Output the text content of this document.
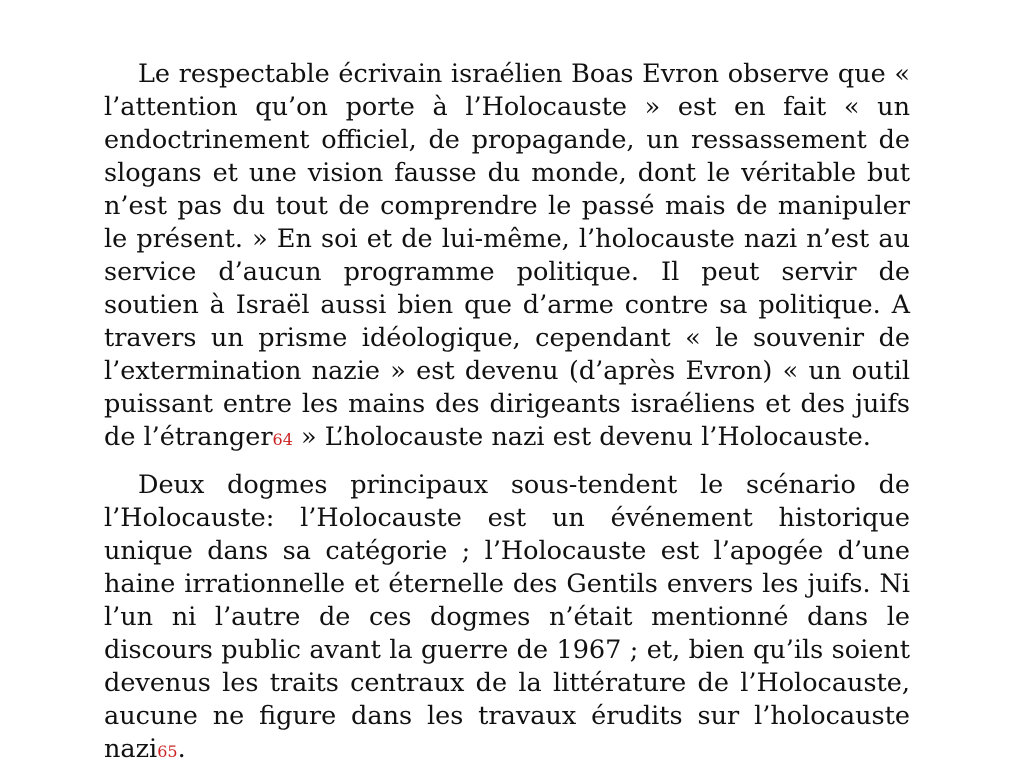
Le respectable écrivain israélien Boas Evron observe que « l’attention qu’on porte à l’Holocauste » est en fait « un endoctrinement officiel, de propagande, un ressassement de slogans et une vision fausse du monde, dont le véritable but n’est pas du tout de comprendre le passé mais de manipuler le présent. » En soi et de lui-même, l’holocauste nazi n’est au service d’aucun programme politique. Il peut servir de soutien à Israël aussi bien que d’arme contre sa politique. A travers un prisme idéologique, cependant « le souvenir de l’extermination nazie » est devenu (d’après Evron) « un outil puissant entre les mains des dirigeants israéliens et des juifs de l’étranger64 » L’holocauste nazi est devenu l’Holocauste.

Deux dogmes principaux sous-tendent le scénario de l’Holocauste: l’Holocauste est un événement historique unique dans sa catégorie ; l’Holocauste est l’apogée d’une haine irrationnelle et éternelle des Gentils envers les juifs. Ni l’un ni l’autre de ces dogmes n’était mentionné dans le discours public avant la guerre de 1967 ; et, bien qu’ils soient devenus les traits centraux de la littérature de l’Holocauste, aucune ne figure dans les travaux érudits sur l’holocauste nazi65.
